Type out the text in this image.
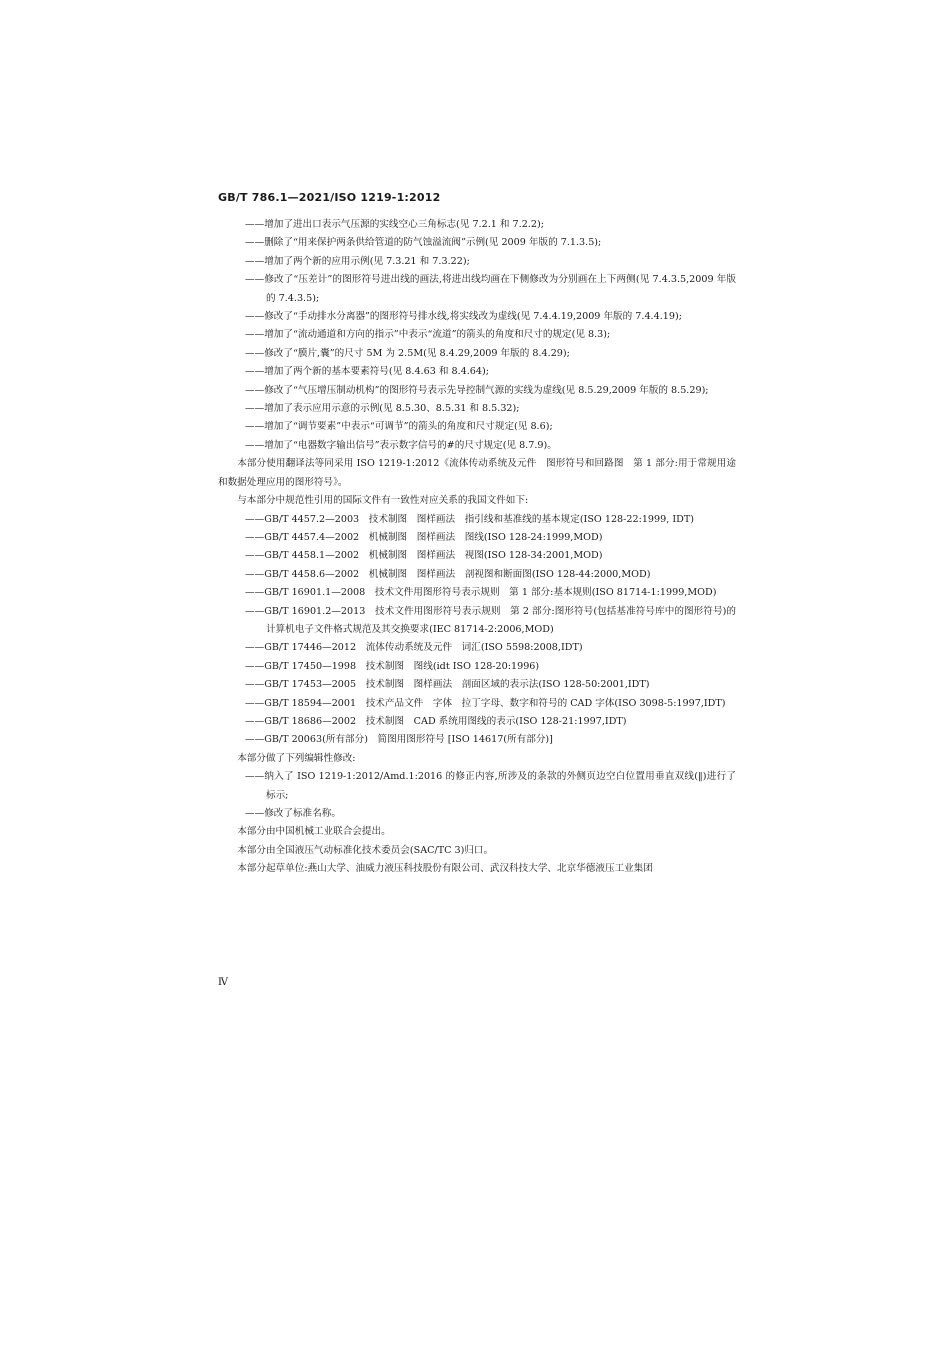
GB/T 786.1—2021/ISO 1219-1:2012

——增加了进出口表示气压源的实线空心三角标志(见 7.2.1 和 7.2.2);

——删除了“用来保护两条供给管道的防气蚀溢流阀”示例(见 2009 年版的 7.1.3.5);

——增加了两个新的应用示例(见 7.3.21 和 7.3.22);

——修改了“压差计”的图形符号进出线的画法,将进出线均画在下侧修改为分别画在上下两侧(见 7.4.3.5,2009 年版的 7.4.3.5);

——修改了“手动排水分离器”的图形符号排水线,将实线改为虚线(见 7.4.4.19,2009 年版的 7.4.4.19);

——增加了“流动通道和方向的指示”中表示“流道”的箭头的角度和尺寸的规定(见 8.3);

——修改了“膜片,囊”的尺寸 5M 为 2.5M(见 8.4.29,2009 年版的 8.4.29);

——增加了两个新的基本要素符号(见 8.4.63 和 8.4.64);

——修改了“气压增压制动机构”的图形符号表示先导控制气源的实线为虚线(见 8.5.29,2009 年版的 8.5.29);

——增加了表示应用示意的示例(见 8.5.30、8.5.31 和 8.5.32);

——增加了“调节要素”中表示“可调节”的箭头的角度和尺寸规定(见 8.6);

——增加了“电器数字输出信号”表示数字信号的#的尺寸规定(见 8.7.9)。

本部分使用翻译法等同采用 ISO 1219-1:2012《流体传动系统及元件　图形符号和回路图　第 1 部分:用于常规用途和数据处理应用的图形符号》。

与本部分中规范性引用的国际文件有一致性对应关系的我国文件如下:

——GB/T 4457.2—2003　技术制图　图样画法　指引线和基准线的基本规定(ISO 128-22:1999, IDT)

——GB/T 4457.4—2002　机械制图　图样画法　图线(ISO 128-24:1999,MOD)

——GB/T 4458.1—2002　机械制图　图样画法　视图(ISO 128-34:2001,MOD)

——GB/T 4458.6—2002　机械制图　图样画法　剖视图和断面图(ISO 128-44:2000,MOD)

——GB/T 16901.1—2008　技术文件用图形符号表示规则　第 1 部分:基本规则(ISO 81714-1:1999,MOD)

——GB/T 16901.2—2013　技术文件用图形符号表示规则　第 2 部分:图形符号(包括基准符号库中的图形符号)的计算机电子文件格式规范及其交换要求(IEC 81714-2:2006,MOD)

——GB/T 17446—2012　流体传动系统及元件　词汇(ISO 5598:2008,IDT)

——GB/T 17450—1998　技术制图　图线(idt ISO 128-20:1996)

——GB/T 17453—2005　技术制图　图样画法　剖面区域的表示法(ISO 128-50:2001,IDT)

——GB/T 18594—2001　技术产品文件　字体　拉丁字母、数字和符号的 CAD 字体(ISO 3098-5:1997,IDT)

——GB/T 18686—2002　技术制图　CAD 系统用图线的表示(ISO 128-21:1997,IDT)

——GB/T 20063(所有部分)　简图用图形符号 [ISO 14617(所有部分)]

本部分做了下列编辑性修改:

——纳入了 ISO 1219-1:2012/Amd.1:2016 的修正内容,所涉及的条款的外侧页边空白位置用垂直双线(‖)进行了标示;

——修改了标准名称。

本部分由中国机械工业联合会提出。

本部分由全国液压气动标准化技术委员会(SAC/TC 3)归口。

本部分起草单位:燕山大学、油威力液压科技股份有限公司、武汉科技大学、北京华德液压工业集团

Ⅳ
